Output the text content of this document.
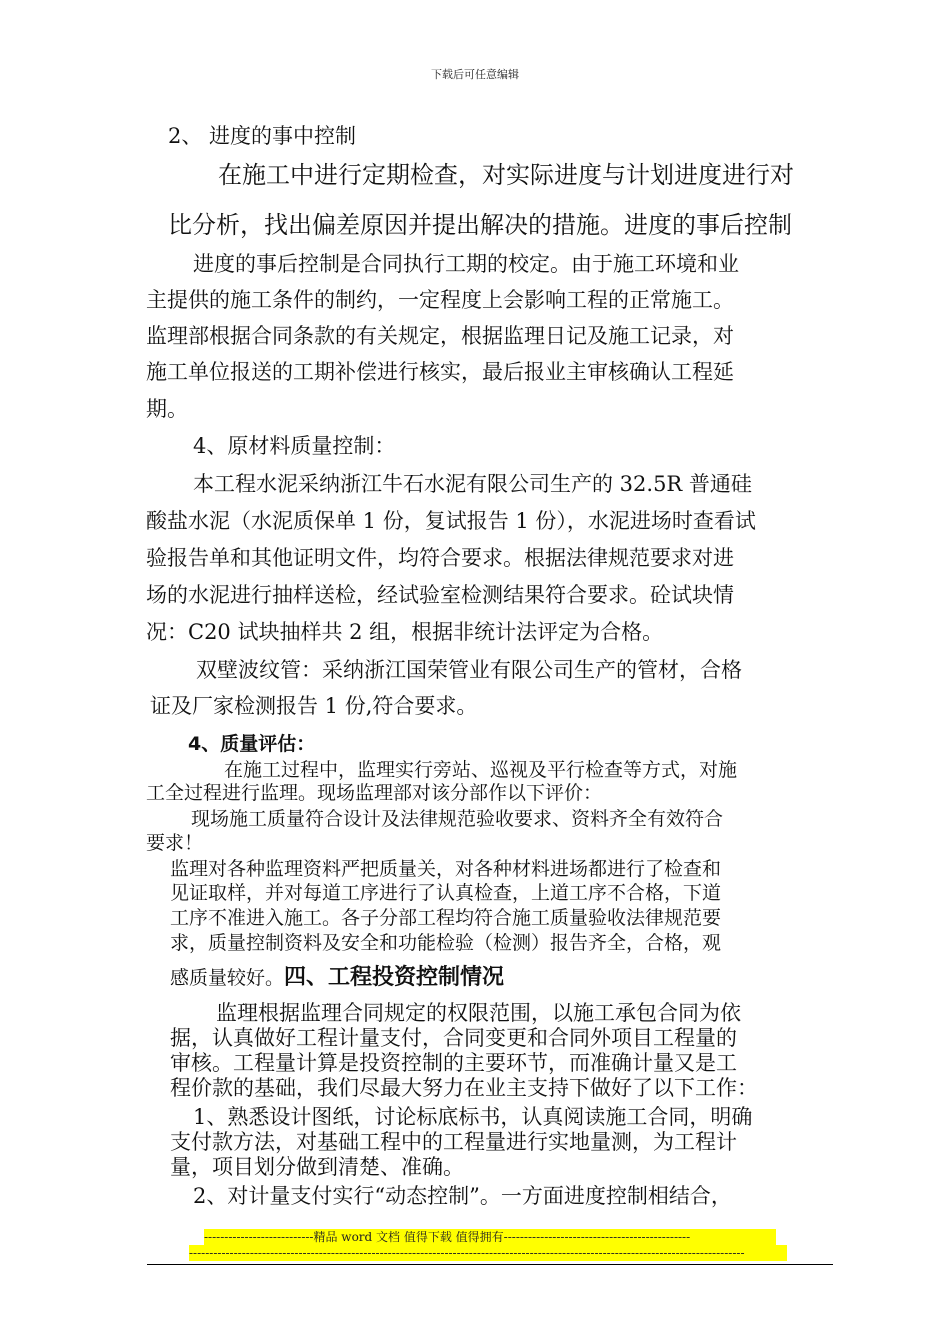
下载后可任意编辑
2、 进度的事中控制
在施工中进行定期检查，对实际进度与计划进度进行对
比分析，找出偏差原因并提出解决的措施。进度的事后控制
进度的事后控制是合同执行工期的校定。由于施工环境和业
主提供的施工条件的制约，一定程度上会影响工程的正常施工。
监理部根据合同条款的有关规定，根据监理日记及施工记录，对
施工单位报送的工期补偿进行核实，最后报业主审核确认工程延
期。
4、原材料质量控制：
本工程水泥采纳浙江牛石水泥有限公司生产的 32.5R 普通硅
酸盐水泥（水泥质保单 1 份，复试报告 1 份），水泥进场时查看试
验报告单和其他证明文件，均符合要求。根据法律规范要求对进
场的水泥进行抽样送检，经试验室检测结果符合要求。砼试块情
况：C20 试块抽样共 2 组，根据非统计法评定为合格。
双壁波纹管：采纳浙江国荣管业有限公司生产的管材，合格
证及厂家检测报告 1 份,符合要求。
4、质量评估：
在施工过程中，监理实行旁站、巡视及平行检查等方式，对施
工全过程进行监理。现场监理部对该分部作以下评价：
现场施工质量符合设计及法律规范验收要求、资料齐全有效符合
要求！
监理对各种监理资料严把质量关，对各种材料进场都进行了检查和
见证取样，并对每道工序进行了认真检查，上道工序不合格，下道
工序不准进入施工。各子分部工程均符合施工质量验收法律规范要
求，质量控制资料及安全和功能检验（检测）报告齐全，合格，观
感质量较好。四、工程投资控制情况
监理根据监理合同规定的权限范围，以施工承包合同为依
据，认真做好工程计量支付，合同变更和合同外项目工程量的
审核。工程量计算是投资控制的主要环节，而准确计量又是工
程价款的基础，我们尽最大努力在业主支持下做好了以下工作：
1、熟悉设计图纸，讨论标底标书，认真阅读施工合同，明确
支付款方法，对基础工程中的工程量进行实地量测，为工程计
量，项目划分做到清楚、准确。
2、对计量支付实行“动态控制”。一方面进度控制相结合，
---------------------------精品 word 文档 值得下载 值得拥有----------------------------------------------
-----------------------------------------------------------------------------------------------------------------------------------------
